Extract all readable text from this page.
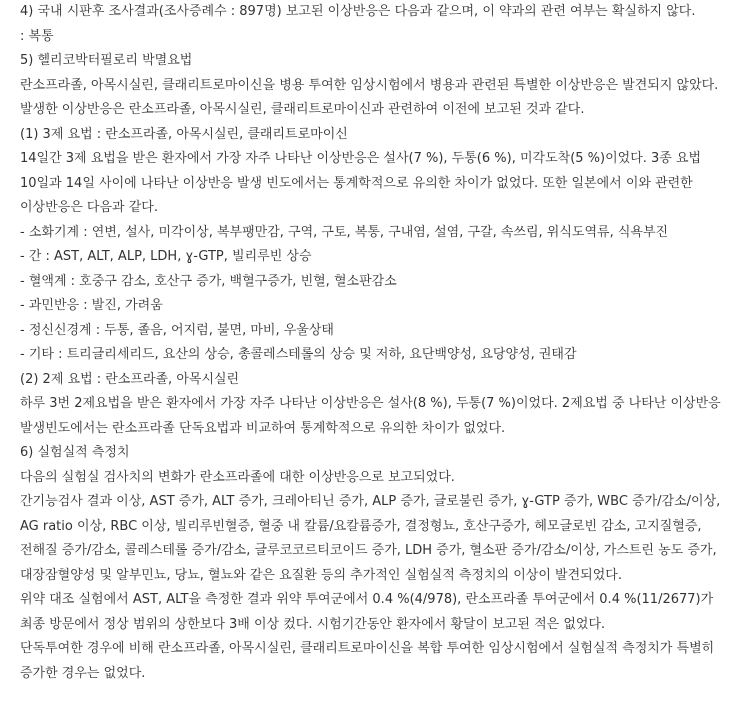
4) 국내 시판후 조사결과(조사증례수 : 897명) 보고된 이상반응은 다음과 같으며, 이 약과의 관련 여부는 확실하지 않다.

: 복통

5) 헬리코박터필로리 박멸요법

란소프라졸, 아목시실린, 클래리트로마이신을 병용 투여한 임상시험에서 병용과 관련된 특별한 이상반응은 발견되지 않았다. 발생한 이상반응은 란소프라졸, 아목시실린, 클래리트로마이신과 관련하여 이전에 보고된 것과 같다.

(1) 3제 요법 : 란소프라졸, 아목시실린, 클래리트로마이신

14일간 3제 요법을 받은 환자에서 가장 자주 나타난 이상반응은 설사(7 %), 두통(6 %), 미각도착(5 %)이었다. 3종 요법 10일과 14일 사이에 나타난 이상반응 발생 빈도에서는 통계학적으로 유의한 차이가 없었다. 또한 일본에서 이와 관련한 이상반응은 다음과 같다.

- 소화기계 : 연변, 설사, 미각이상, 복부팽만감, 구역, 구토, 복통, 구내염, 설염, 구갈, 속쓰림, 위식도역류, 식욕부진

- 간 : AST, ALT, ALP, LDH, ɣ-GTP, 빌리루빈 상승

- 혈액계 : 호중구 감소, 호산구 증가, 백혈구증가, 빈혈, 혈소판감소

- 과민반응 : 발진, 가려움

- 정신신경계 : 두통, 졸음, 어지럼, 불면, 마비, 우울상태

- 기타 : 트리글리세리드, 요산의 상승, 총콜레스테롤의 상승 및 저하, 요단백양성, 요당양성, 권태감

(2) 2제 요법 : 란소프라졸, 아목시실린

하루 3번 2제요법을 받은 환자에서 가장 자주 나타난 이상반응은 설사(8 %), 두통(7 %)이었다. 2제요법 중 나타난 이상반응 발생빈도에서는 란소프라졸 단독요법과 비교하여 통계학적으로 유의한 차이가 없었다.

6) 실험실적 측정치

다음의 실험실 검사치의 변화가 란소프라졸에 대한 이상반응으로 보고되었다.

간기능검사 결과 이상, AST 증가, ALT 증가, 크레아티닌 증가, ALP 증가, 글로불린 증가, ɣ-GTP 증가, WBC 증가/감소/이상, AG ratio 이상, RBC 이상, 빌리루빈혈증, 혈중 내 칼륨/요칼륨증가, 결정형뇨, 호산구증가, 헤모글로빈 감소, 고지질혈증, 전해질 증가/감소, 콜레스테롤 증가/감소, 글루코코르티코이드 증가, LDH 증가, 혈소판 증가/감소/이상, 가스트린 농도 증가, 대장잠혈양성 및 알부민뇨, 당뇨, 혈뇨와 같은 요질환 등의 추가적인 실험실적 측정치의 이상이 발견되었다.

위약 대조 실험에서 AST, ALT을 측정한 결과 위약 투여군에서 0.4 %(4/978), 란소프라졸 투여군에서 0.4 %(11/2677)가 최종 방문에서 정상 범위의 상한보다 3배 이상 컸다. 시험기간동안 환자에서 황달이 보고된 적은 없었다.

단독투여한 경우에 비해 란소프라졸, 아목시실린, 클래리트로마이신을 복합 투여한 임상시험에서 실험실적 측정치가 특별히 증가한 경우는 없었다.
